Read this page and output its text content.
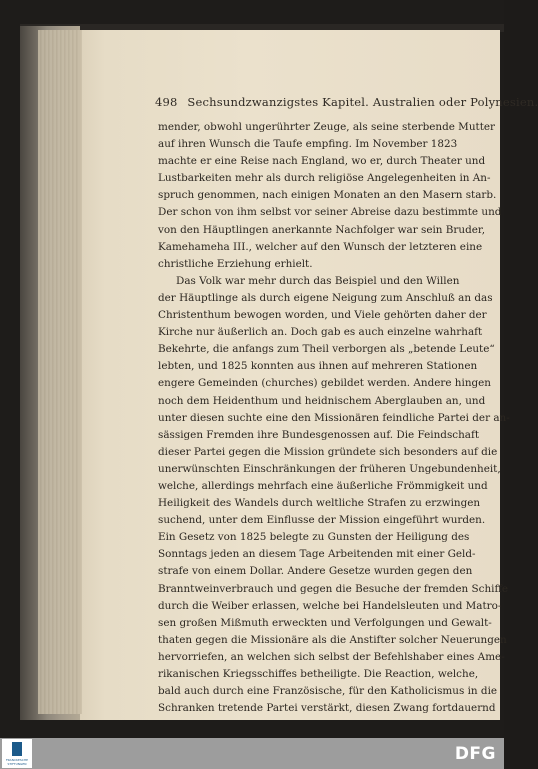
498 Sechsundzwanzigstes Kapitel. Australien oder Polynesien.
mender, obwohl ungerührter Zeuge, als seine sterbende Mutter
auf ihren Wunsch die Taufe empfing. Im November 1823
machte er eine Reise nach England, wo er, durch Theater und
Lustbarkeiten mehr als durch religiöse Angelegenheiten in An-
spruch genommen, nach einigen Monaten an den Masern starb.
Der schon von ihm selbst vor seiner Abreise dazu bestimmte und
von den Häuptlingen anerkannte Nachfolger war sein Bruder,
Kamehameha III., welcher auf den Wunsch der letzteren eine
christliche Erziehung erhielt.
Das Volk war mehr durch das Beispiel und den Willen
der Häuptlinge als durch eigene Neigung zum Anschluß an das
Christenthum bewogen worden, und Viele gehörten daher der
Kirche nur äußerlich an. Doch gab es auch einzelne wahrhaft
Bekehrte, die anfangs zum Theil verborgen als „betende Leute“
lebten, und 1825 konnten aus ihnen auf mehreren Stationen
engere Gemeinden (churches) gebildet werden. Andere hingen
noch dem Heidenthum und heidnischem Aberglauben an, und
unter diesen suchte eine den Missionären feindliche Partei der an-
sässigen Fremden ihre Bundesgenossen auf. Die Feindschaft
dieser Partei gegen die Mission gründete sich besonders auf die
unerwünschten Einschränkungen der früheren Ungebundenheit,
welche, allerdings mehrfach eine äußerliche Frömmigkeit und
Heiligkeit des Wandels durch weltliche Strafen zu erzwingen
suchend, unter dem Einflusse der Mission eingeführt wurden.
Ein Gesetz von 1825 belegte zu Gunsten der Heiligung des
Sonntags jeden an diesem Tage Arbeitenden mit einer Geld-
strafe von einem Dollar. Andere Gesetze wurden gegen den
Branntweinverbrauch und gegen die Besuche der fremden Schiffe
durch die Weiber erlassen, welche bei Handelsleuten und Matro-
sen großen Mißmuth erweckten und Verfolgungen und Gewalt-
thaten gegen die Missionäre als die Anstifter solcher Neuerungen
hervorriefen, an welchen sich selbst der Befehlshaber eines Ame-
rikanischen Kriegsschiffes betheiligte. Die Reaction, welche,
bald auch durch eine Französische, für den Katholicismus in die
Schranken tretende Partei verstärkt, diesen Zwang fortdauernd
FRANCKESCHE STIFTUNGEN	DFG
